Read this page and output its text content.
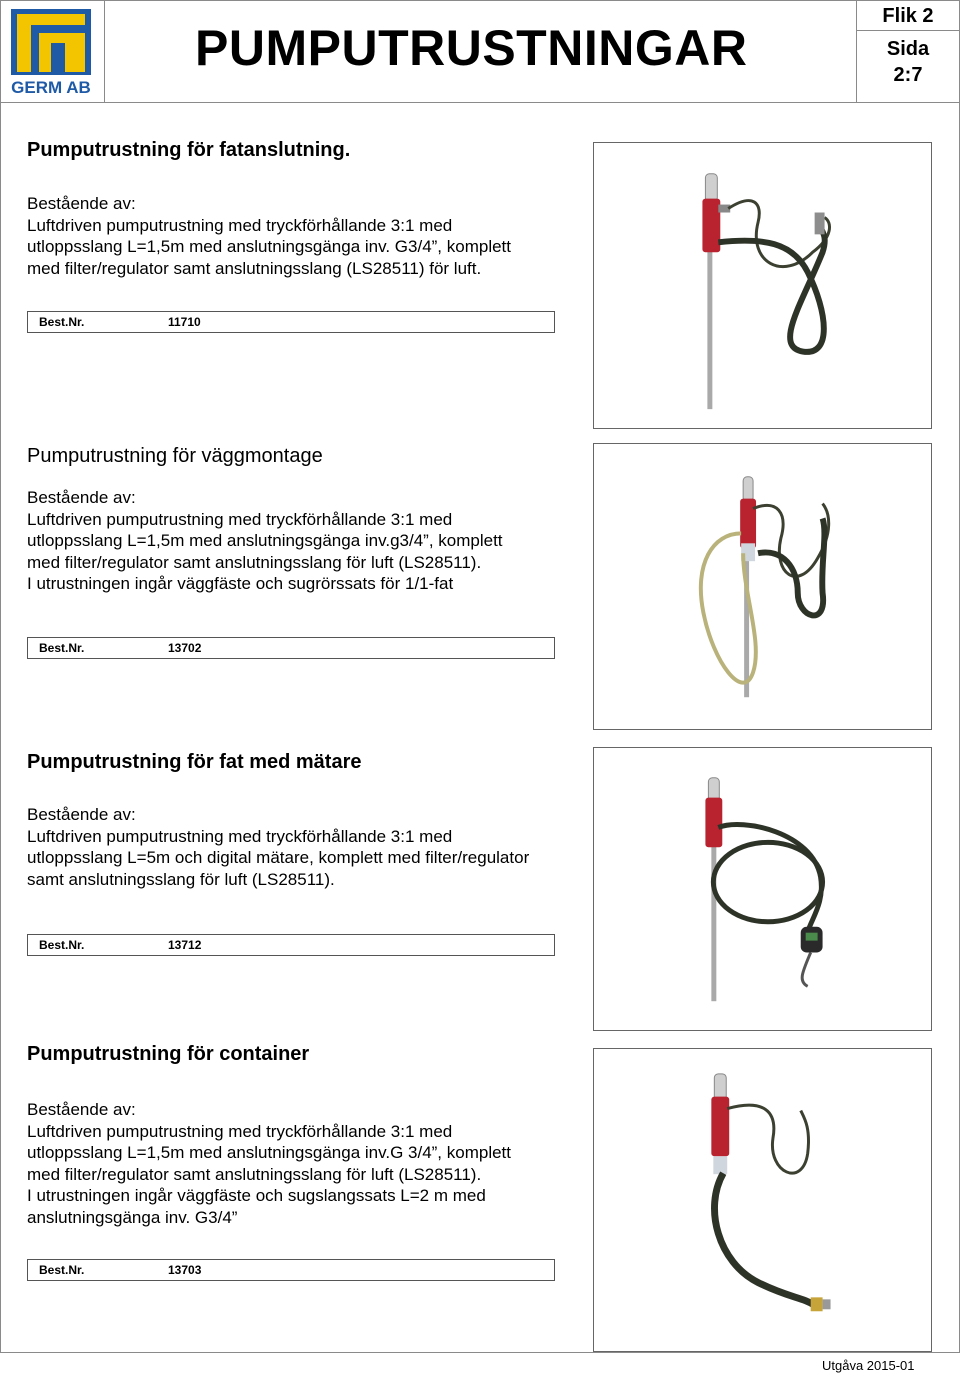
GERM AB
PUMPUTRUSTNINGAR
Flik 2
Sida
2:7
Pumputrustning för fatanslutning.
Bestående av:
Luftdriven pumputrustning med tryckförhållande 3:1 med
utloppsslang L=1,5m med anslutningsgänga inv. G3/4”, komplett
med filter/regulator samt anslutningsslang (LS28511) för luft.
Best.Nr.	11710
Pumputrustning för väggmontage
Bestående av:
Luftdriven pumputrustning med tryckförhållande 3:1 med
utloppsslang L=1,5m med anslutningsgänga inv.g3/4”, komplett
med filter/regulator samt anslutningsslang för luft (LS28511).
I utrustningen ingår väggfäste och sugrörssats för 1/1-fat
Best.Nr.	13702
Pumputrustning för fat med mätare
Bestående av:
Luftdriven pumputrustning med tryckförhållande 3:1 med
utloppsslang L=5m och digital mätare, komplett med filter/regulator
samt anslutningsslang för luft (LS28511).
Best.Nr.	13712
Pumputrustning för container
Bestående av:
Luftdriven pumputrustning med tryckförhållande 3:1 med
utloppsslang L=1,5m med anslutningsgänga inv.G 3/4”, komplett
med filter/regulator samt anslutningsslang för luft (LS28511).
I utrustningen ingår väggfäste och sugslangssats L=2 m med
anslutningsgänga inv. G3/4”
Best.Nr.	13703
Utgåva 2015-01
